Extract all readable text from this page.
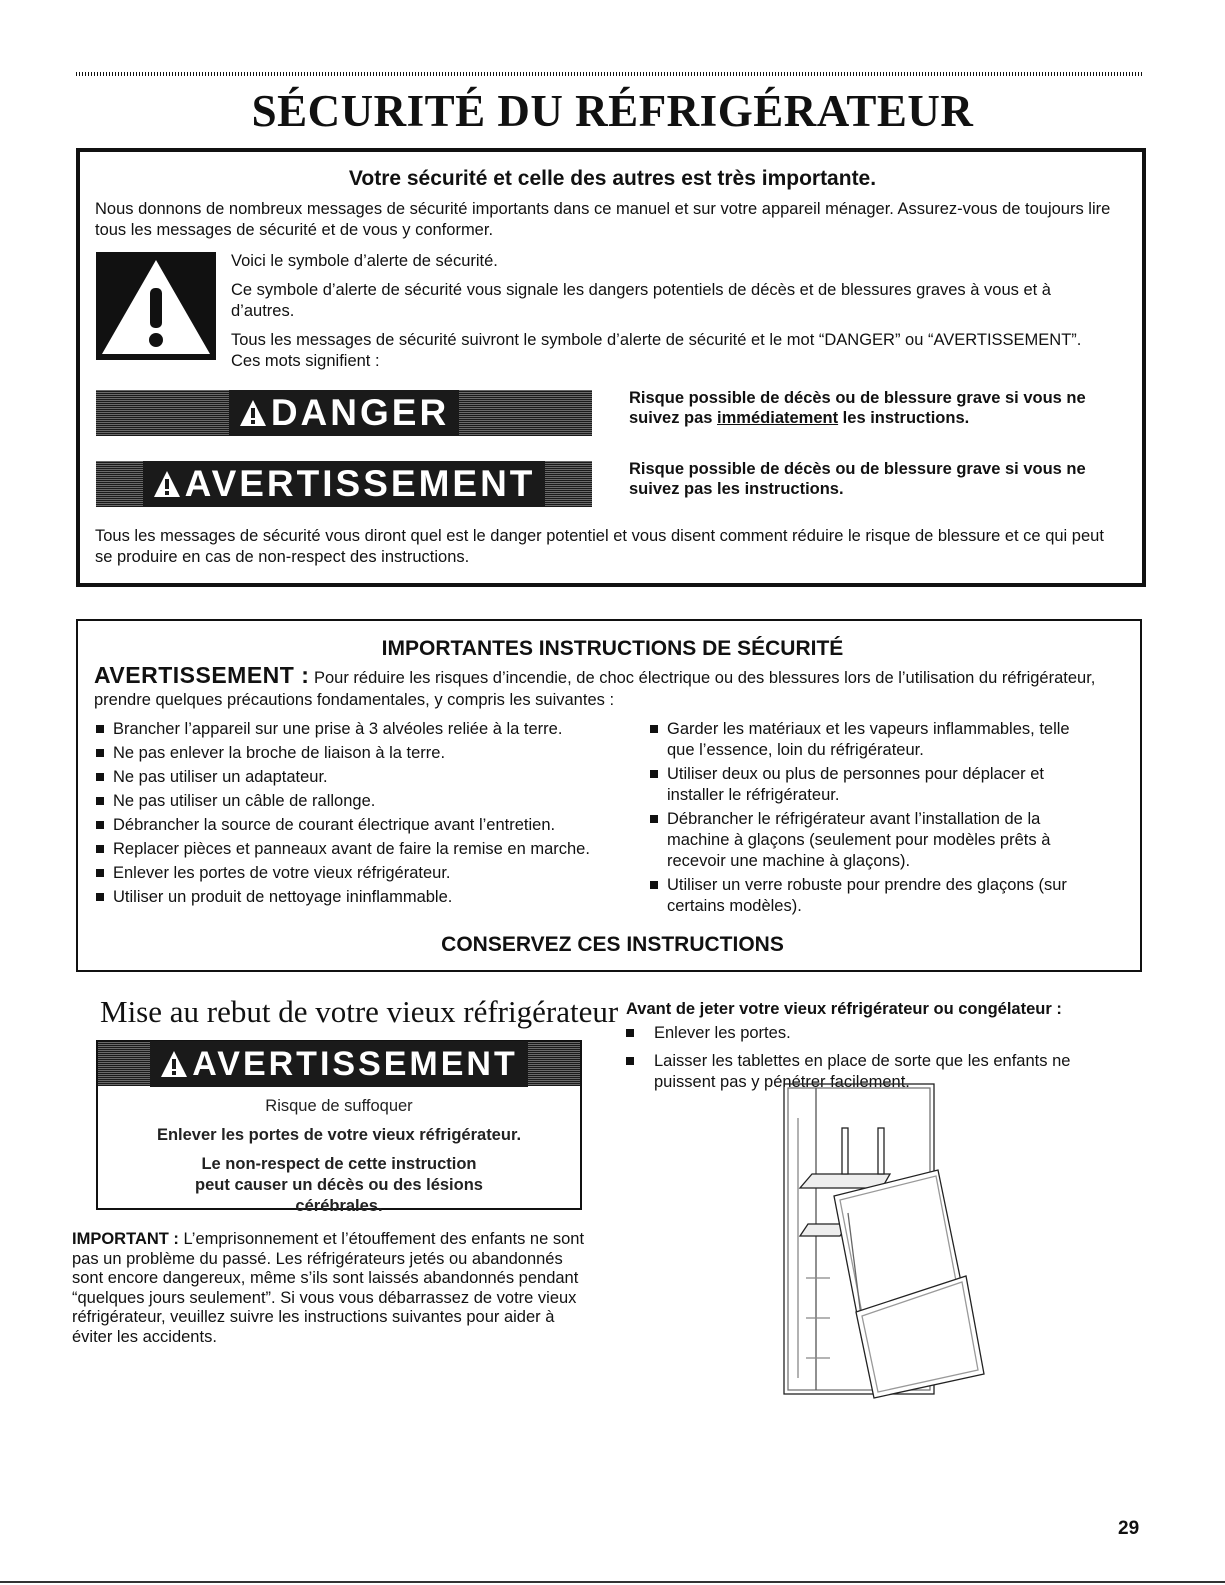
SÉCURITÉ DU RÉFRIGÉRATEUR
Votre sécurité et celle des autres est très importante.
Nous donnons de nombreux messages de sécurité importants dans ce manuel et sur votre appareil ménager. Assurez-vous de toujours lire tous les messages de sécurité et de vous y conformer.

Voici le symbole d’alerte de sécurité.

Ce symbole d’alerte de sécurité vous signale les dangers potentiels de décès et de blessures graves à vous et à d’autres.

Tous les messages de sécurité suivront le symbole d’alerte de sécurité et le mot “DANGER” ou “AVERTISSEMENT”. Ces mots signifient :

DANGER	Risque possible de décès ou de blessure grave si vous ne suivez pas immédiatement les instructions.
AVERTISSEMENT	Risque possible de décès ou de blessure grave si vous ne suivez pas les instructions.
Tous les messages de sécurité vous diront quel est le danger potentiel et vous disent comment réduire le risque de blessure et ce qui peut se produire en cas de non-respect des instructions.
IMPORTANTES INSTRUCTIONS DE SÉCURITÉ
AVERTISSEMENT : Pour réduire les risques d’incendie, de choc électrique ou des blessures lors de l’utilisation du réfrigérateur, prendre quelques précautions fondamentales, y compris les suivantes :
Brancher l’appareil sur une prise à 3 alvéoles reliée à la terre.
Ne pas enlever la broche de liaison à la terre.
Ne pas utiliser un adaptateur.
Ne pas utiliser un câble de rallonge.
Débrancher la source de courant électrique avant l’entretien.
Replacer pièces et panneaux avant de faire la remise en marche.
Enlever les portes de votre vieux réfrigérateur.
Utiliser un produit de nettoyage ininflammable.
Garder les matériaux et les vapeurs inflammables, telle que l’essence, loin du réfrigérateur.
Utiliser deux ou plus de personnes pour déplacer et installer le réfrigérateur.
Débrancher le réfrigérateur avant l’installation de la machine à glaçons (seulement pour modèles prêts à recevoir une machine à glaçons).
Utiliser un verre robuste pour prendre des glaçons (sur certains modèles).
CONSERVEZ CES INSTRUCTIONS
Mise au rebut de votre vieux réfrigérateur
AVERTISSEMENT

Risque de suffoquer

Enlever les portes de votre vieux réfrigérateur.

Le non-respect de cette instruction peut causer un décès ou des lésions cérébrales.

IMPORTANT : L’emprisonnement et l’étouffement des enfants ne sont pas un problème du passé. Les réfrigérateurs jetés ou abandonnés sont encore dangereux, même s’ils sont laissés abandonnés pendant “quelques jours seulement”. Si vous vous débarrassez de votre vieux réfrigérateur, veuillez suivre les instructions suivantes pour aider à éviter les accidents.
Avant de jeter votre vieux réfrigérateur ou congélateur :
Enlever les portes.
Laisser les tablettes en place de sorte que les enfants ne puissent pas y pénétrer facilement.
29
